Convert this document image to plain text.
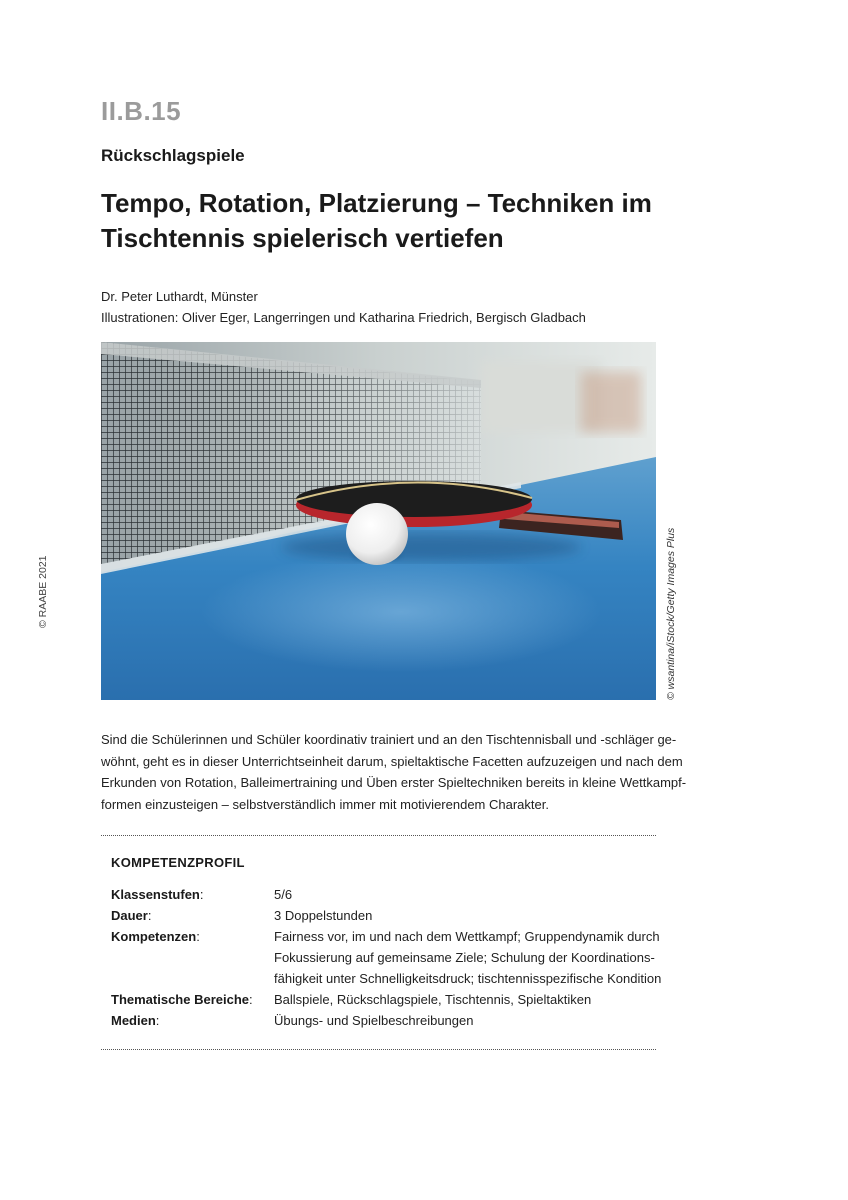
II.B.15
Rückschlagspiele
Tempo, Rotation, Platzierung – Techniken im
Tischtennis spielerisch vertiefen
Dr. Peter Luthardt, Münster
Illustrationen: Oliver Eger, Langerringen und Katharina Friedrich, Bergisch Gladbach
© wsantina/iStock/Getty Images Plus
© RAABE 2021
Sind die Schülerinnen und Schüler koordinativ trainiert und an den Tischtennisball und -schläger ge-
wöhnt, geht es in dieser Unterrichtseinheit darum, spieltaktische Facetten aufzuzeigen und nach dem
Erkunden von Rotation, Balleimertraining und Üben erster Spieltechniken bereits in kleine Wettkampf-
formen einzusteigen – selbstverständlich immer mit motivierendem Charakter.
KOMPETENZPROFIL
Klassenstufen:	5/6
Dauer:	3 Doppelstunden
Kompetenzen:	Fairness vor, im und nach dem Wettkampf; Gruppendynamik durch
Fokussierung auf gemeinsame Ziele; Schulung der Koordinations-
fähigkeit unter Schnelligkeitsdruck; tischtennisspezifische Kondition
Thematische Bereiche:	Ballspiele, Rückschlagspiele, Tischtennis, Spieltaktiken
Medien:	Übungs- und Spielbeschreibungen
